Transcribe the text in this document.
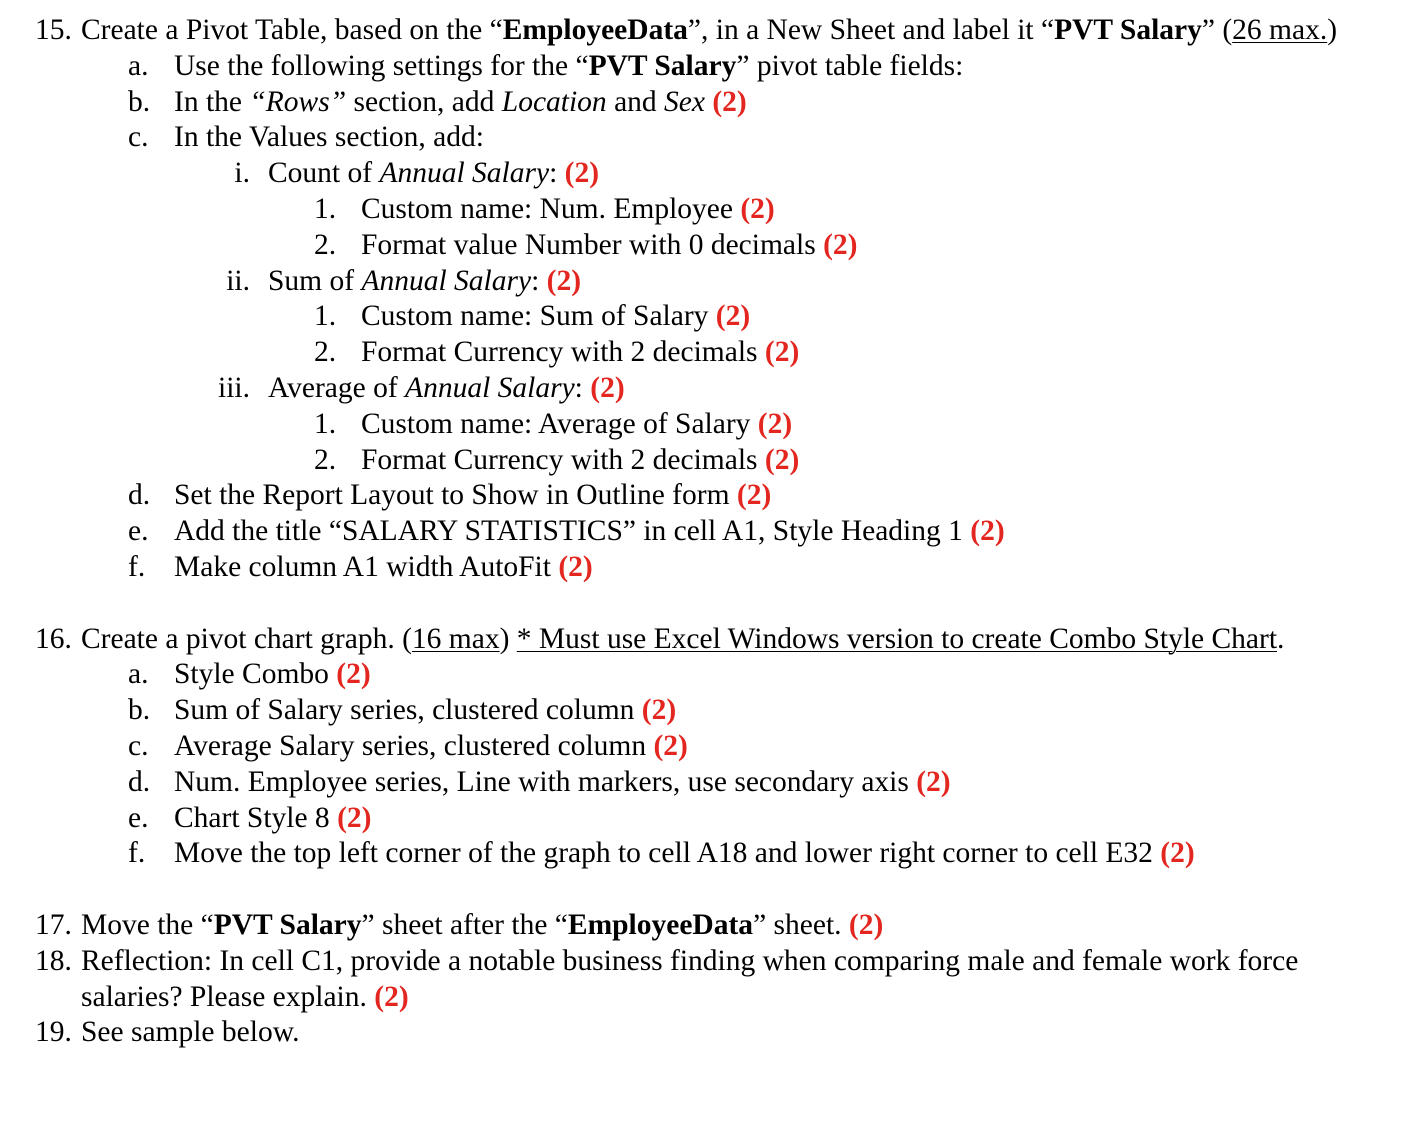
15. Create a Pivot Table, based on the “EmployeeData”, in a New Sheet and label it “PVT Salary” (26 max.)
a. Use the following settings for the “PVT Salary” pivot table fields:
b. In the “Rows” section, add Location and Sex (2)
c. In the Values section, add:
i. Count of Annual Salary: (2)
1. Custom name: Num. Employee (2)
2. Format value Number with 0 decimals (2)
ii. Sum of Annual Salary: (2)
1. Custom name: Sum of Salary (2)
2. Format Currency with 2 decimals (2)
iii. Average of Annual Salary: (2)
1. Custom name: Average of Salary (2)
2. Format Currency with 2 decimals (2)
d. Set the Report Layout to Show in Outline form (2)
e. Add the title “SALARY STATISTICS” in cell A1, Style Heading 1 (2)
f. Make column A1 width AutoFit (2)
16. Create a pivot chart graph. (16 max) * Must use Excel Windows version to create Combo Style Chart.
a. Style Combo (2)
b. Sum of Salary series, clustered column (2)
c. Average Salary series, clustered column (2)
d. Num. Employee series, Line with markers, use secondary axis (2)
e. Chart Style 8 (2)
f. Move the top left corner of the graph to cell A18 and lower right corner to cell E32 (2)
17. Move the “PVT Salary” sheet after the “EmployeeData” sheet. (2)
18. Reflection: In cell C1, provide a notable business finding when comparing male and female work force salaries? Please explain. (2)
19. See sample below.
